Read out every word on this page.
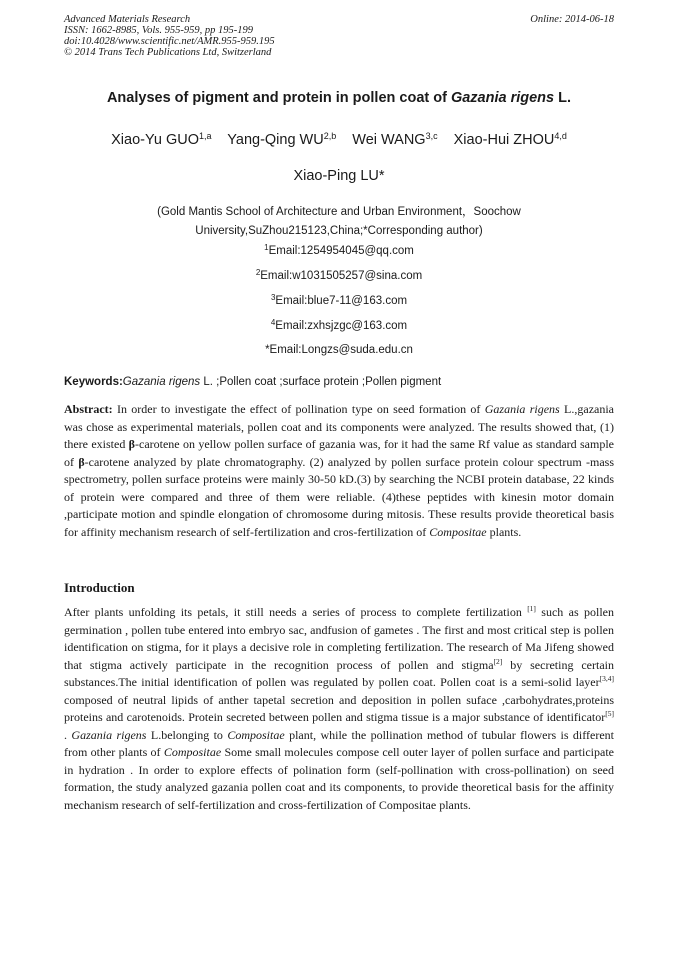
Advanced Materials Research
ISSN: 1662-8985, Vols. 955-959, pp 195-199
doi:10.4028/www.scientific.net/AMR.955-959.195
© 2014 Trans Tech Publications Ltd, Switzerland
Online: 2014-06-18
Analyses of pigment and protein in pollen coat of Gazania rigens L.
Xiao-Yu GUO$^{1,a}$ Yang-Qing WU$^{2,b}$ Wei WANG$^{3,c}$ Xiao-Hui ZHOU$^{4,d}$
Xiao-Ping LU*
(Gold Mantis School of Architecture and Urban Environment，Soochow
University,SuZhou215123,China;*Corresponding author)
$^1$Email:1254954045@qq.com
$^2$Email:w1031505257@sina.com
$^3$Email:blue7-11@163.com
$^4$Email:zxhsjzgc@163.com
*Email:Longzs@suda.edu.cn
Keywords:Gazania rigens L. ;Pollen coat ;surface protein ;Pollen pigment
Abstract: In order to investigate the effect of pollination type on seed formation of Gazania rigens L.,gazania was chose as experimental materials, pollen coat and its components were analyzed. The results showed that, (1) there existed β-carotene on yellow pollen surface of gazania was, for it had the same Rf value as standard sample of β-carotene analyzed by plate chromatography. (2) analyzed by pollen surface protein colour spectrum -mass spectrometry, pollen surface proteins were mainly 30-50 kD.(3) by searching the NCBI protein database, 22 kinds of protein were compared and three of them were reliable. (4)these peptides with kinesin motor domain ,participate motion and spindle elongation of chromosome during mitosis. These results provide theoretical basis for affinity mechanism research of self-fertilization and cros-fertilization of Compositae plants.
Introduction
After plants unfolding its petals, it still needs a series of process to complete fertilization [1] such as pollen germination , pollen tube entered into embryo sac, andfusion of gametes . The first and most critical step is pollen identification on stigma, for it plays a decisive role in completing fertilization. The research of Ma Jifeng showed that stigma actively participate in the recognition process of pollen and stigma[2] by secreting certain substances.The initial identification of pollen was regulated by pollen coat. Pollen coat is a semi-solid layer[3,4] composed of neutral lipids of anther tapetal secretion and deposition in pollen suface ,carbohydrates,proteins proteins and carotenoids. Protein secreted between pollen and stigma tissue is a major substance of identificator[5] . Gazania rigens L.belonging to Compositae plant, while the pollination method of tubular flowers is different from other plants of Compositae Some small molecules compose cell outer layer of pollen surface and participate in hydration . In order to explore effects of polination form (self-pollination with cross-pollination) on seed formation, the study analyzed gazania pollen coat and its components, to provide theoretical basis for the affinity mechanism research of self-fertilization and cross-fertilization of Compositae plants.
